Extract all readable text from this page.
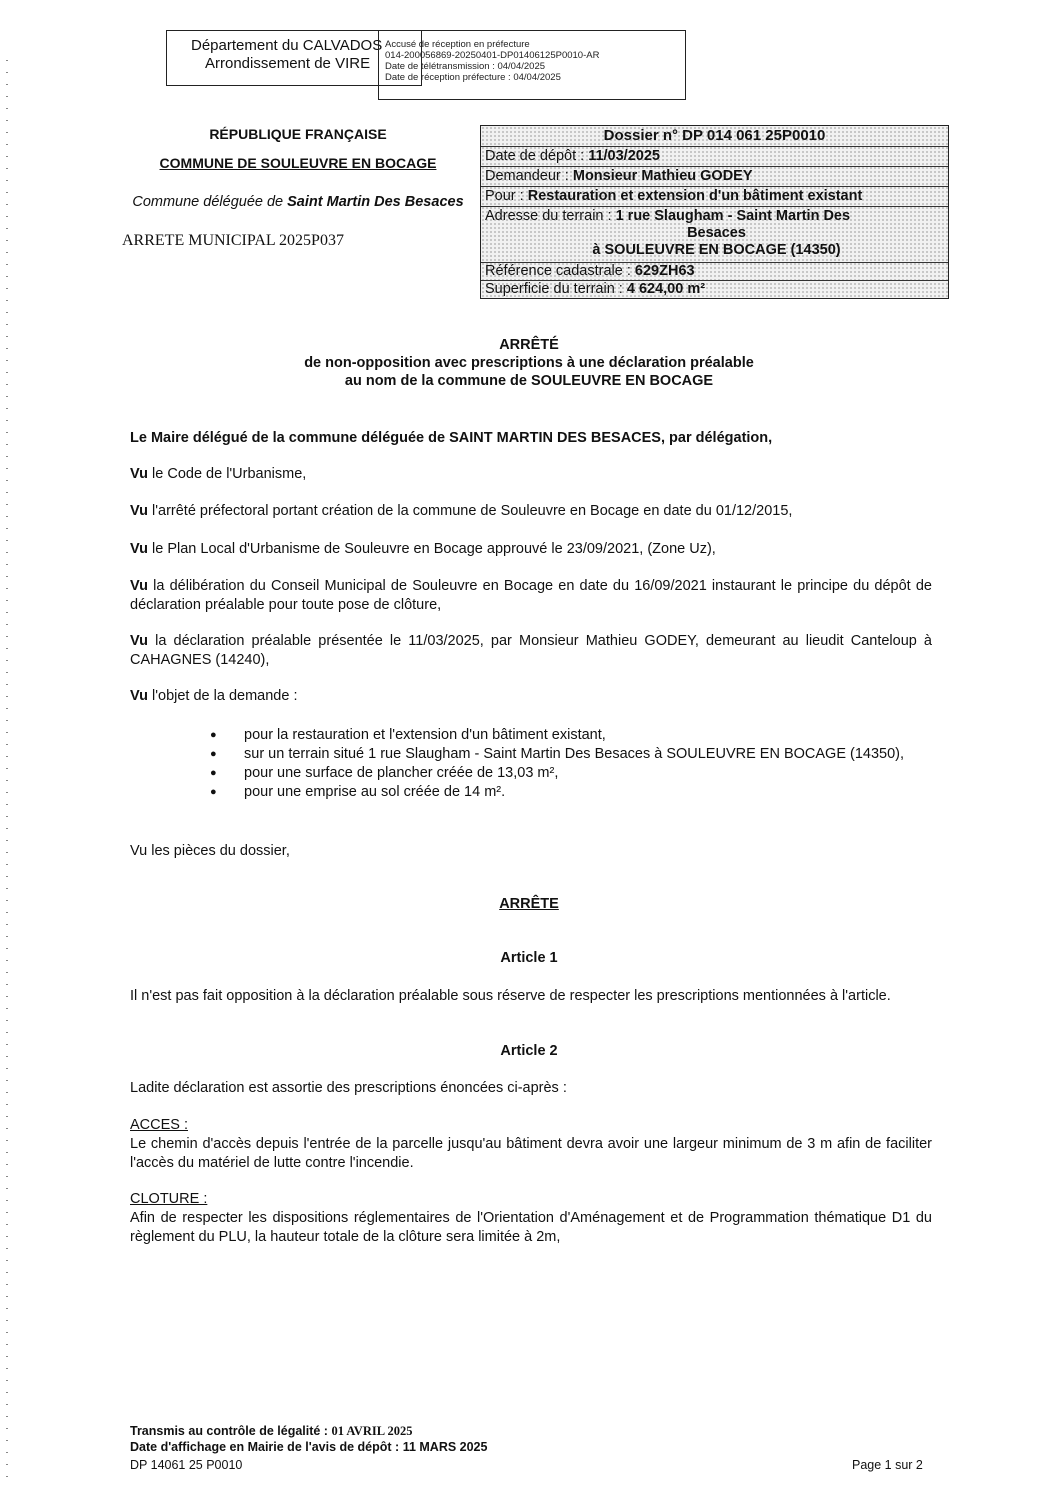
Département du CALVADOS
Arrondissement de VIRE
Accusé de réception en préfecture
014-200056869-20250401-DP01406125P0010-AR
Date de télétransmission : 04/04/2025
Date de réception préfecture : 04/04/2025
RÉPUBLIQUE FRANÇAISE
COMMUNE DE SOULEUVRE EN BOCAGE
Commune déléguée de Saint Martin Des Besaces
ARRETE MUNICIPAL 2025P037
Dossier n° DP 014 061 25P0010
Date de dépôt : 11/03/2025
Demandeur : Monsieur Mathieu GODEY
Pour : Restauration et extension d'un bâtiment existant
Adresse du terrain : 1 rue Slaugham - Saint Martin Des
Besaces
à SOULEUVRE EN BOCAGE (14350)
Référence cadastrale : 629ZH63
Superficie du terrain : 4 624,00 m²
ARRÊTÉ
de non-opposition avec prescriptions à une déclaration préalable
au nom de la commune de SOULEUVRE EN BOCAGE
Le Maire délégué de la commune déléguée de SAINT MARTIN DES BESACES, par délégation,
Vu le Code de l'Urbanisme,
Vu l'arrêté préfectoral portant création de la commune de Souleuvre en Bocage en date du 01/12/2015,
Vu le Plan Local d'Urbanisme de Souleuvre en Bocage approuvé le 23/09/2021, (Zone Uz),
Vu la délibération du Conseil Municipal de Souleuvre en Bocage en date du 16/09/2021 instaurant le principe du dépôt de déclaration préalable pour toute pose de clôture,
Vu la déclaration préalable présentée le 11/03/2025, par Monsieur Mathieu GODEY, demeurant au lieudit Canteloup à CAHAGNES (14240),
Vu l'objet de la demande :
● pour la restauration et l'extension d'un bâtiment existant,
● sur un terrain situé 1 rue Slaugham - Saint Martin Des Besaces à SOULEUVRE EN BOCAGE (14350),
● pour une surface de plancher créée de 13,03 m²,
● pour une emprise au sol créée de 14 m².
Vu les pièces du dossier,
ARRÊTE
Article 1
Il n'est pas fait opposition à la déclaration préalable sous réserve de respecter les prescriptions mentionnées à l'article.
Article 2
Ladite déclaration est assortie des prescriptions énoncées ci-après :
ACCES :
Le chemin d'accès depuis l'entrée de la parcelle jusqu'au bâtiment devra avoir une largeur minimum de 3 m afin de faciliter l'accès du matériel de lutte contre l'incendie.
CLOTURE :
Afin de respecter les dispositions réglementaires de l'Orientation d'Aménagement et de Programmation thématique D1 du règlement du PLU, la hauteur totale de la clôture sera limitée à 2m,
Transmis au contrôle de légalité : 01 AVRIL 2025
Date d'affichage en Mairie de l'avis de dépôt : 11 MARS 2025
DP 14061 25 P0010	Page 1 sur 2
